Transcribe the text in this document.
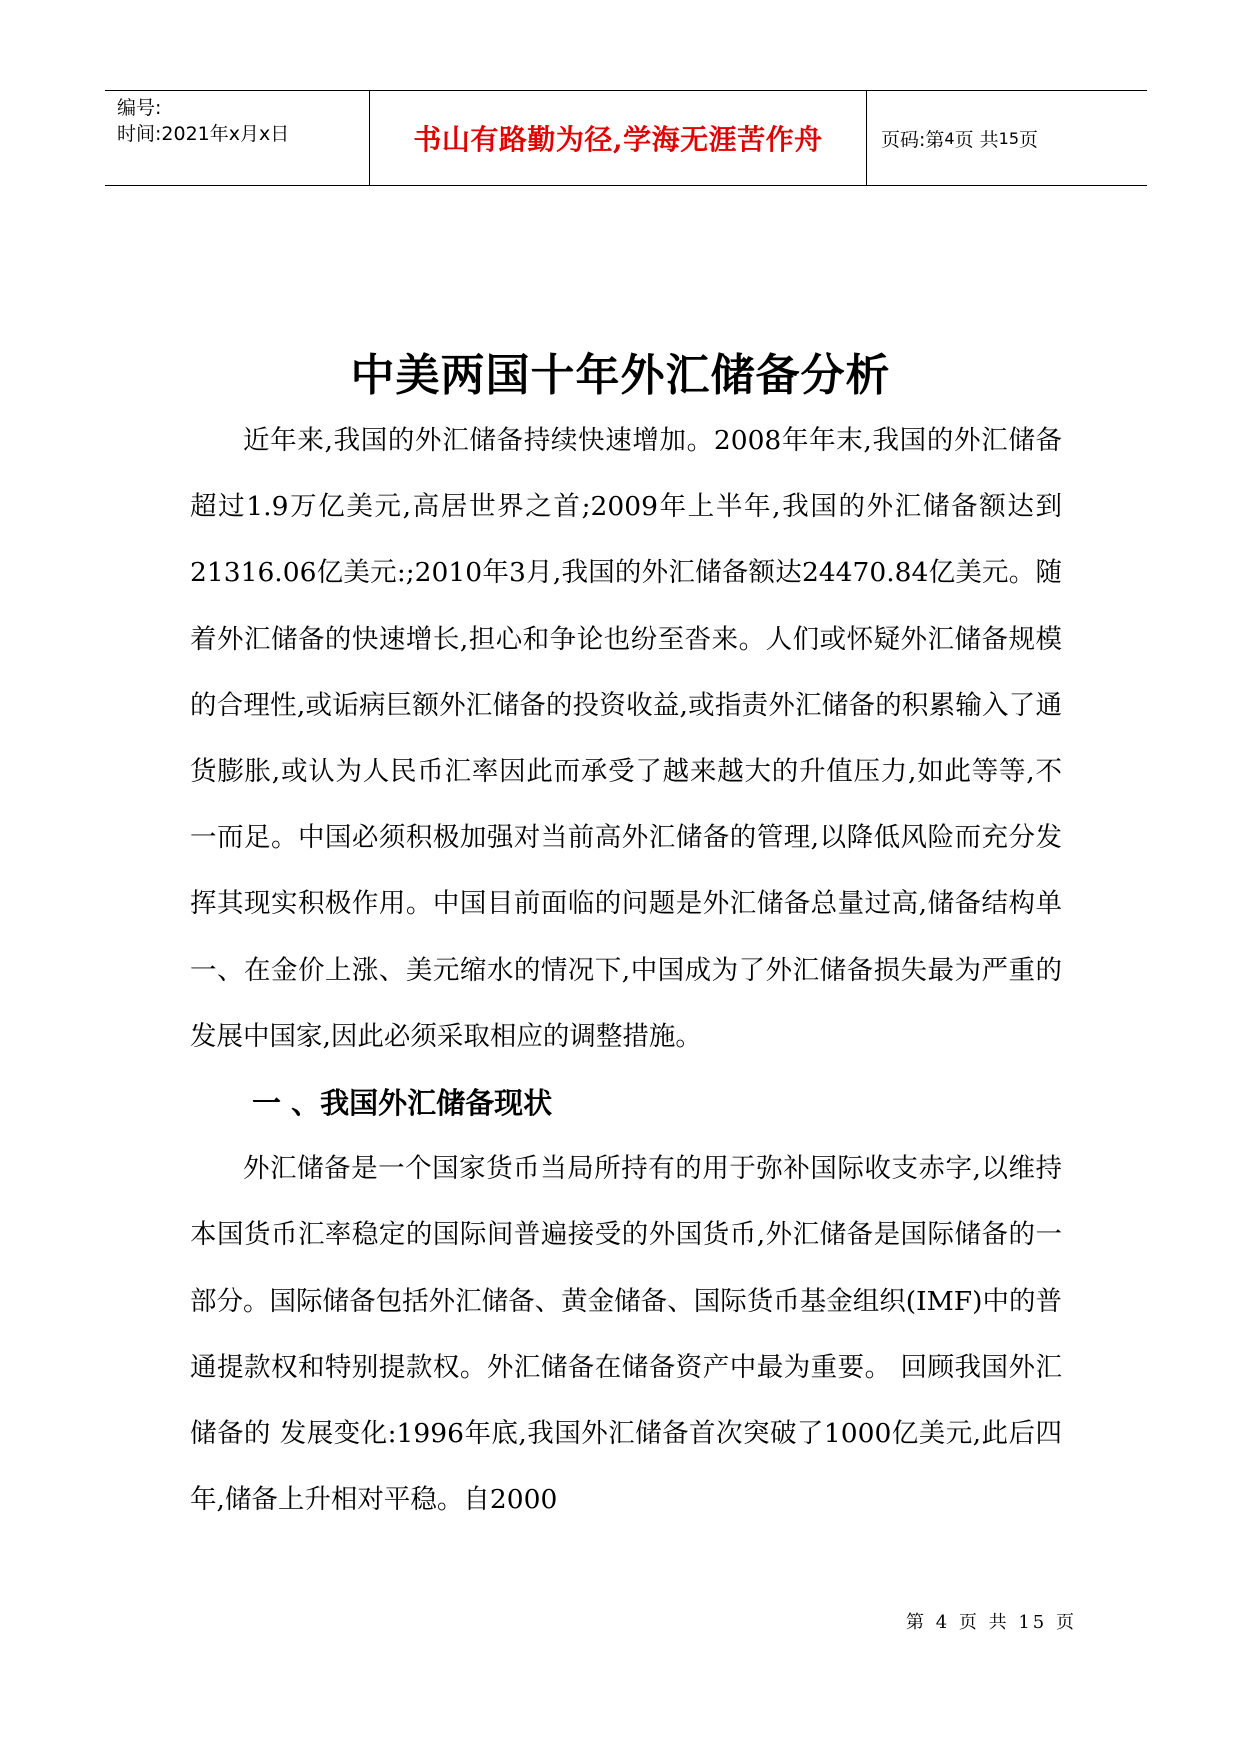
编号:
时间:2021年x月x日	书山有路勤为径,学海无涯苦作舟	页码:第 4 页 共 15 页
中美两国十年外汇储备分析

近年来,我国的外汇储备持续快速增加。2008年年末,我国的外汇储备超过1.9万亿美元,高居世界之首;2009年上半年,我国的外汇储备额达到21316.06亿美元:;2010年3月,我国的外汇储备额达24470.84亿美元。随着外汇储备的快速增长,担心和争论也纷至沓来。人们或怀疑外汇储备规模的合理性,或诟病巨额外汇储备的投资收益,或指责外汇储备的积累输入了通货膨胀,或认为人民币汇率因此而承受了越来越大的升值压力,如此等等,不一而足。中国必须积极加强对当前高外汇储备的管理,以降低风险而充分发挥其现实积极作用。中国目前面临的问题是外汇储备总量过高,储备结构单一、在金价上涨、美元缩水的情况下,中国成为了外汇储备损失最为严重的发展中国家,因此必须采取相应的调整措施。

一 、我国外汇储备现状

外汇储备是一个国家货币当局所持有的用于弥补国际收支赤字,以维持本国货币汇率稳定的国际间普遍接受的外国货币,外汇储备是国际储备的一部分。国际储备包括外汇储备、黄金储备、国际货币基金组织(IMF)中的普通提款权和特别提款权。外汇储备在储备资产中最为重要。 回顾我国外汇储备的 发展变化:1996年底,我国外汇储备首次突破了1000亿美元,此后四年,储备上升相对平稳。自2000

第 4 页 共 15 页
